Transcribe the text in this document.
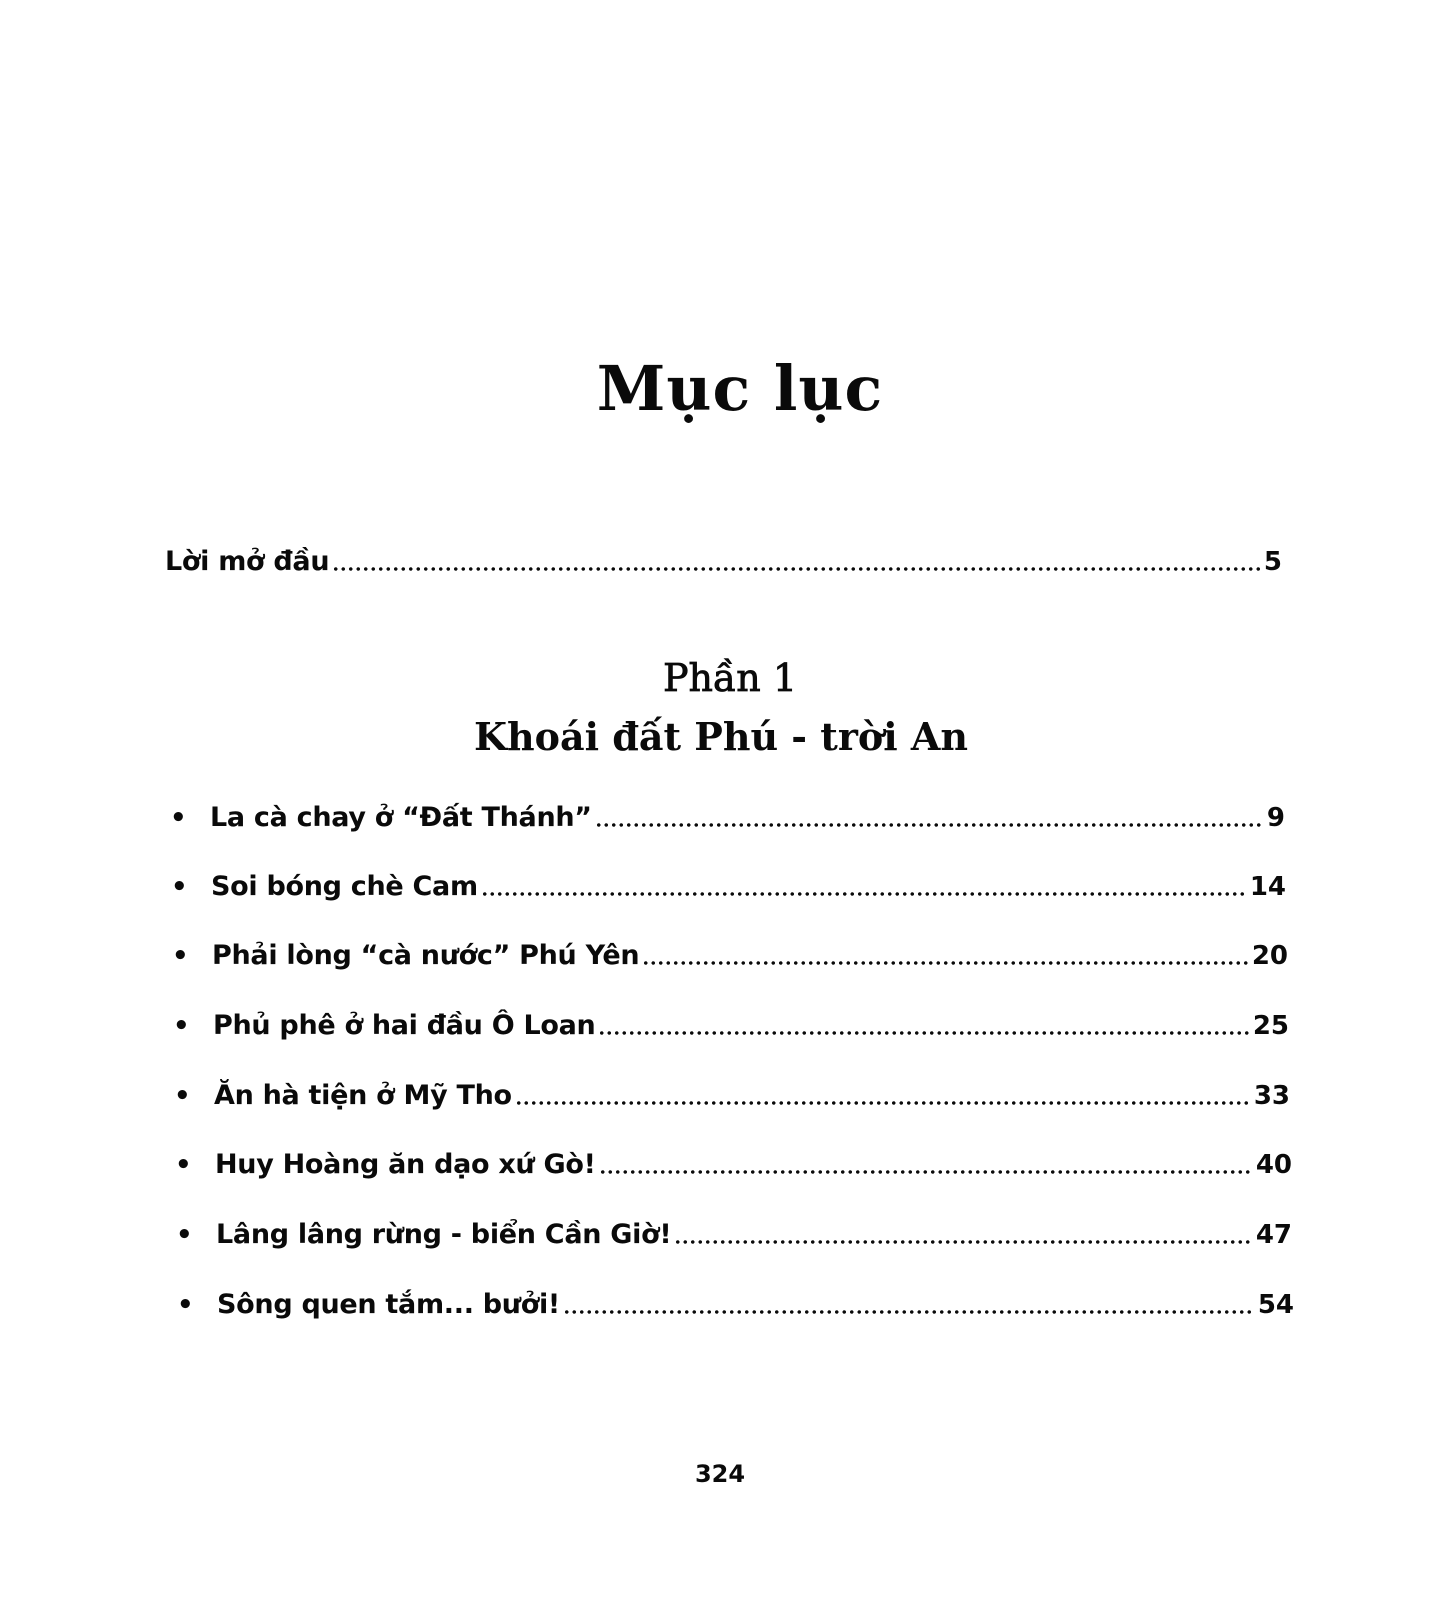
Mục lục
Lời mở đầu	5
Phần 1
Khoái đất Phú - trời An
• La cà chay ở “Đất Thánh”	9
• Soi bóng chè Cam	14
• Phải lòng “cà nước” Phú Yên	20
• Phủ phê ở hai đầu Ô Loan	25
• Ăn hà tiện ở Mỹ Tho	33
• Huy Hoàng ăn dạo xứ Gò!	40
• Lâng lâng rừng - biển Cần Giờ!	47
• Sông quen tắm... bưởi!	54
324
